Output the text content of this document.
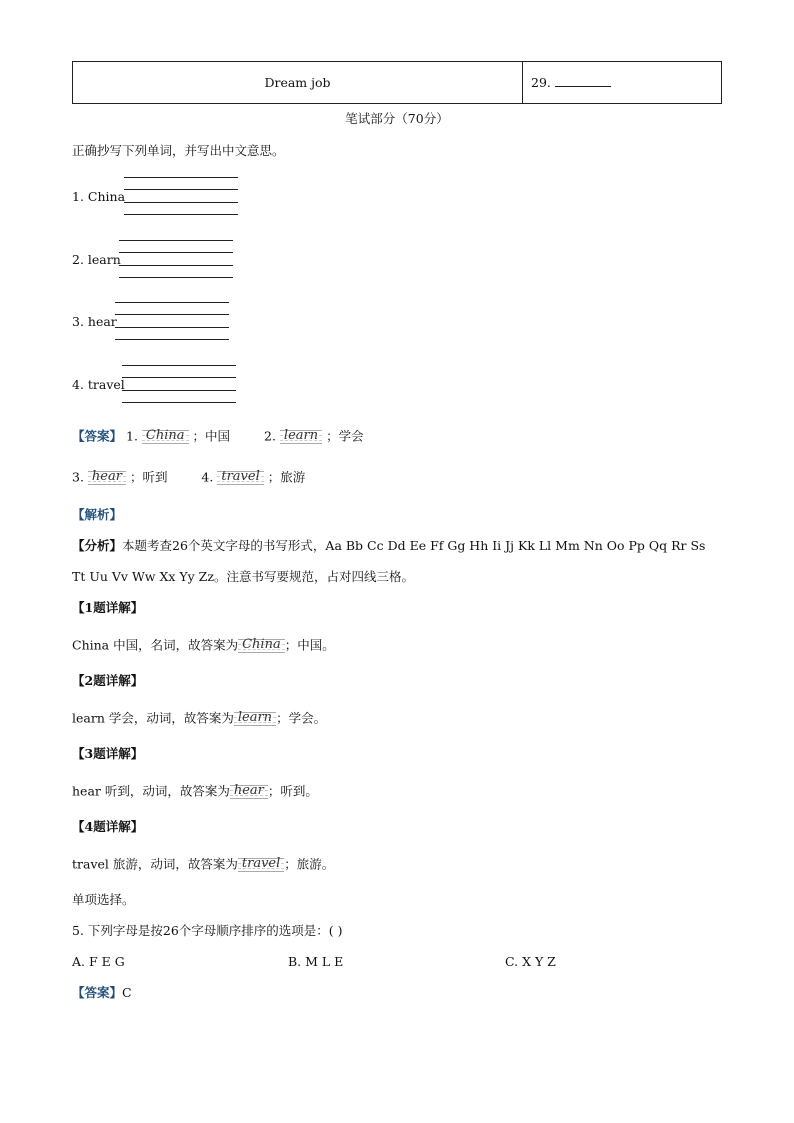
Dream job	29.
笔试部分（70分）
正确抄写下列单词，并写出中文意思。
1. China
2. learn
3. hear
4. travel
【答案】 1. China ；中国	2. learn ；学会
3. hear ；听到	4. travel ；旅游
【解析】
【分析】本题考查26个英文字母的书写形式，Aa Bb Cc Dd Ee Ff Gg Hh Ii Jj Kk Ll Mm Nn Oo Pp Qq Rr Ss
Tt Uu Vv Ww Xx Yy Zz。注意书写要规范，占对四线三格。
【1题详解】
China 中国，名词，故答案为 China ；中国。
【2题详解】
learn 学会，动词，故答案为 learn ；学会。
【3题详解】
hear 听到，动词，故答案为 hear ；听到。
【4题详解】
travel 旅游，动词，故答案为 travel ；旅游。
单项选择。
5. 下列字母是按26个字母顺序排序的选项是：( )
A. F E G	B. M L E	C. X Y Z
【答案】C
